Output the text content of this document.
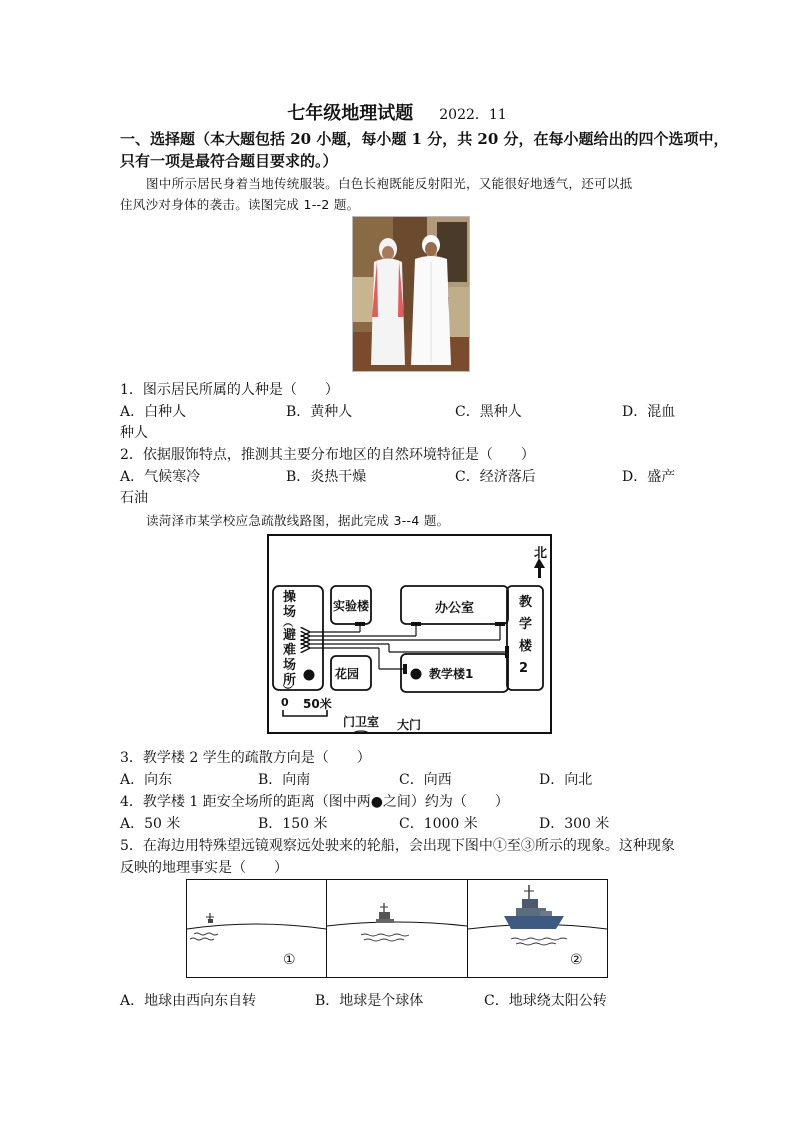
七年级地理试题 2022．11
一、选择题（本大题包括 20 小题，每小题 1 分，共 20 分，在每小题给出的四个选项中，
只有一项是最符合题目要求的。）
图中所示居民身着当地传统服装。白色长袍既能反射阳光，又能很好地透气，还可以抵
住风沙对身体的袭击。读图完成 1--2 题。
1．图示居民所属的人种是（　　）
A．白种人	B．黄种人	C．黑种人	D．混血
种人
2．依据服饰特点，推测其主要分布地区的自然环境特征是（　　）
A．气候寒冷	B．炎热干燥	C．经济落后	D．盛产
石油
读菏泽市某学校应急疏散线路图，据此完成 3--4 题。
北
操
场
︵
避
难
场
所
︶
实验楼	办公室	教
学
楼
2
花园	教学楼1
0 50米
门卫室 大门
3．教学楼 2 学生的疏散方向是（　　）
A．向东	B．向南	C．向西	D．向北
4．教学楼 1 距安全场所的距离（图中两●之间）约为（　　）
A．50 米	B．150 米	C．1000 米	D．300 米
5．在海边用特殊望远镜观察远处驶来的轮船，会出现下图中①至③所示的现象。这种现象
反映的地理事实是（　　）
①	②
A．地球由西向东自转	B．地球是个球体	C．地球绕太阳公转
